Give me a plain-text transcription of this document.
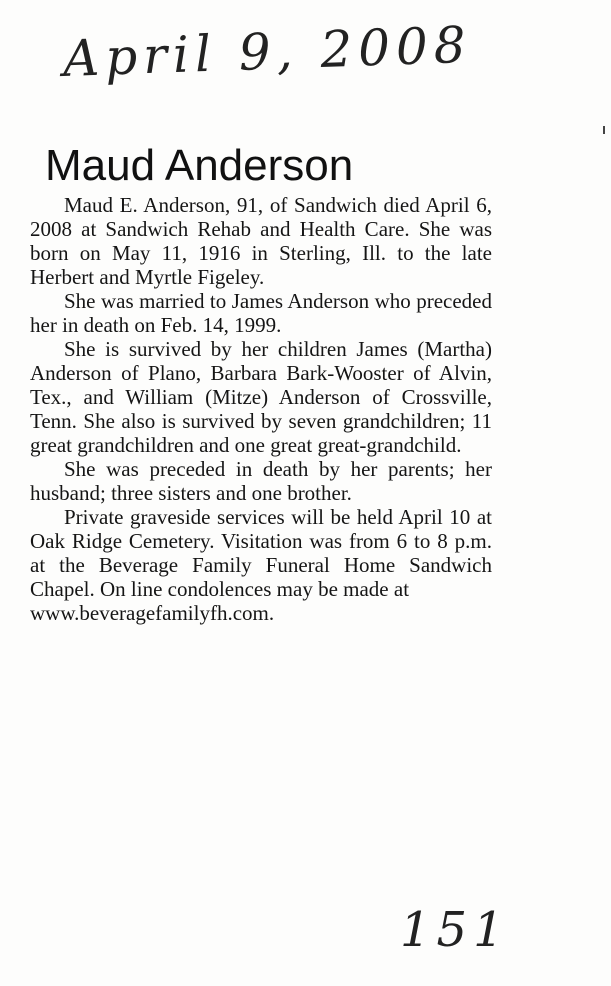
April 9, 2008
Maud Anderson

Maud E. Anderson, 91, of Sandwich died April 6, 2008 at Sandwich Rehab and Health Care. She was born on May 11, 1916 in Sterling, Ill. to the late Herbert and Myrtle Figeley.

She was married to James Anderson who preceded her in death on Feb. 14, 1999.

She is survived by her children James (Martha) Anderson of Plano, Barbara Bark-Wooster of Alvin, Tex., and William (Mitze) Anderson of Crossville, Tenn. She also is survived by seven grandchildren; 11 great grandchildren and one great great-grandchild.

She was preceded in death by her parents; her husband; three sisters and one brother.

Private graveside services will be held April 10 at Oak Ridge Cemetery. Visitation was from 6 to 8 p.m. at the Beverage Family Funeral Home Sandwich Chapel. On line condolences may be made at

www.beveragefamilyfh.com.
151
